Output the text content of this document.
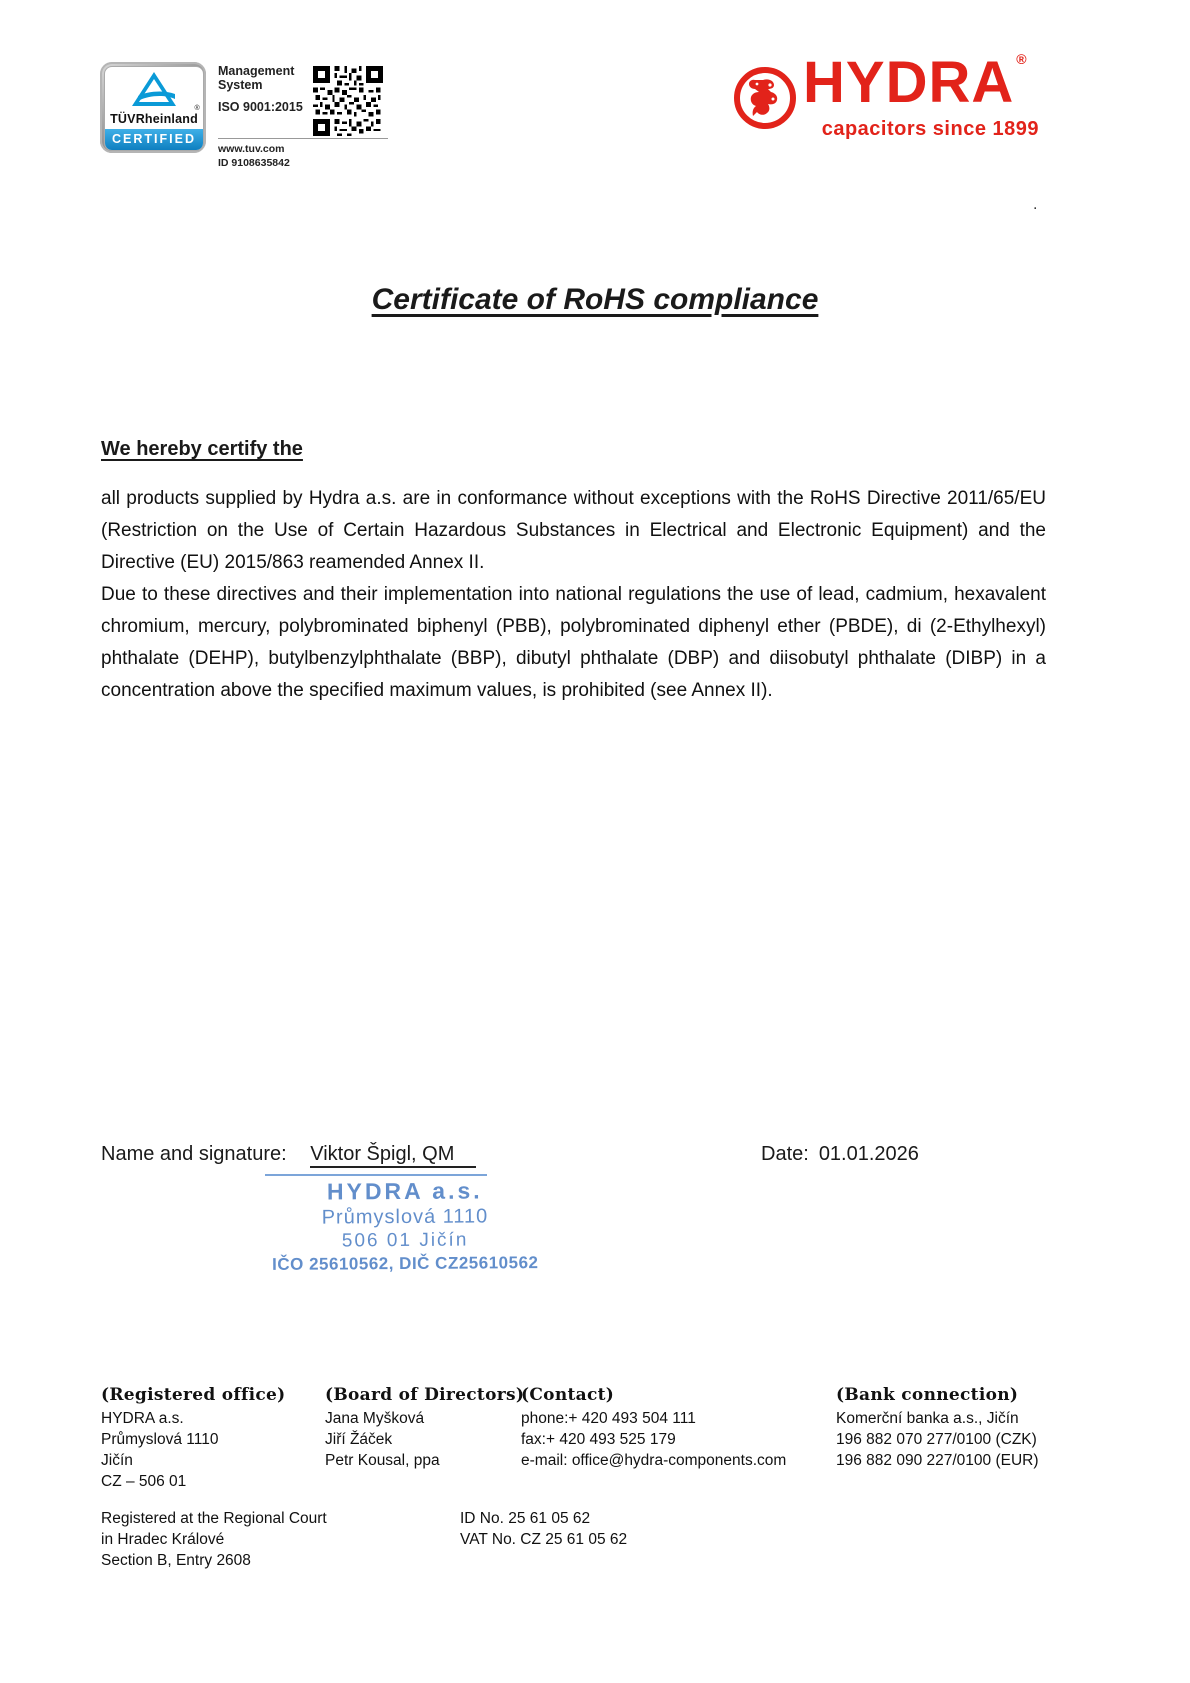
TÜVRheinland
®
CERTIFIED
Management
System
ISO 9001:2015
www.tuv.com
ID 9108635842
HYDRA ®
capacitors since 1899
.
Certificate of RoHS compliance
We hereby certify the

all products supplied by Hydra a.s. are in conformance without exceptions with the RoHS Directive 2011/65/EU (Restriction on the Use of Certain Hazardous Substances in Electrical and Electronic Equipment) and the Directive (EU) 2015/863 reamended Annex II.

Due to these directives and their implementation into national regulations the use of lead, cadmium, hexavalent chromium, mercury, polybrominated biphenyl (PBB), polybrominated diphenyl ether (PBDE), di (2-Ethylhexyl) phthalate (DEHP), butylbenzylphthalate (BBP), dibutyl phthalate (DBP) and diisobutyl phthalate (DIBP) in a concentration above the specified maximum values, is prohibited (see Annex II).

Name and signature: Viktor Špigl, QM	Date: 01.01.2026
HYDRA a.s.
Průmyslová 1110
506 01 Jičín
IČO 25610562, DIČ CZ25610562
(Registered office)
HYDRA a.s.
Průmyslová 1110
Jičín
CZ – 506 01
(Board of Directors)
Jana Myšková
Jiří Žáček
Petr Kousal, ppa
(Contact)
phone:+ 420 493 504 111
fax:+ 420 493 525 179
e-mail: office@hydra-components.com
(Bank connection)
Komerční banka a.s., Jičín
196 882 070 277/0100 (CZK)
196 882 090 227/0100 (EUR)
Registered at the Regional Court
in Hradec Králové
Section B, Entry 2608
ID No. 25 61 05 62
VAT No. CZ 25 61 05 62
